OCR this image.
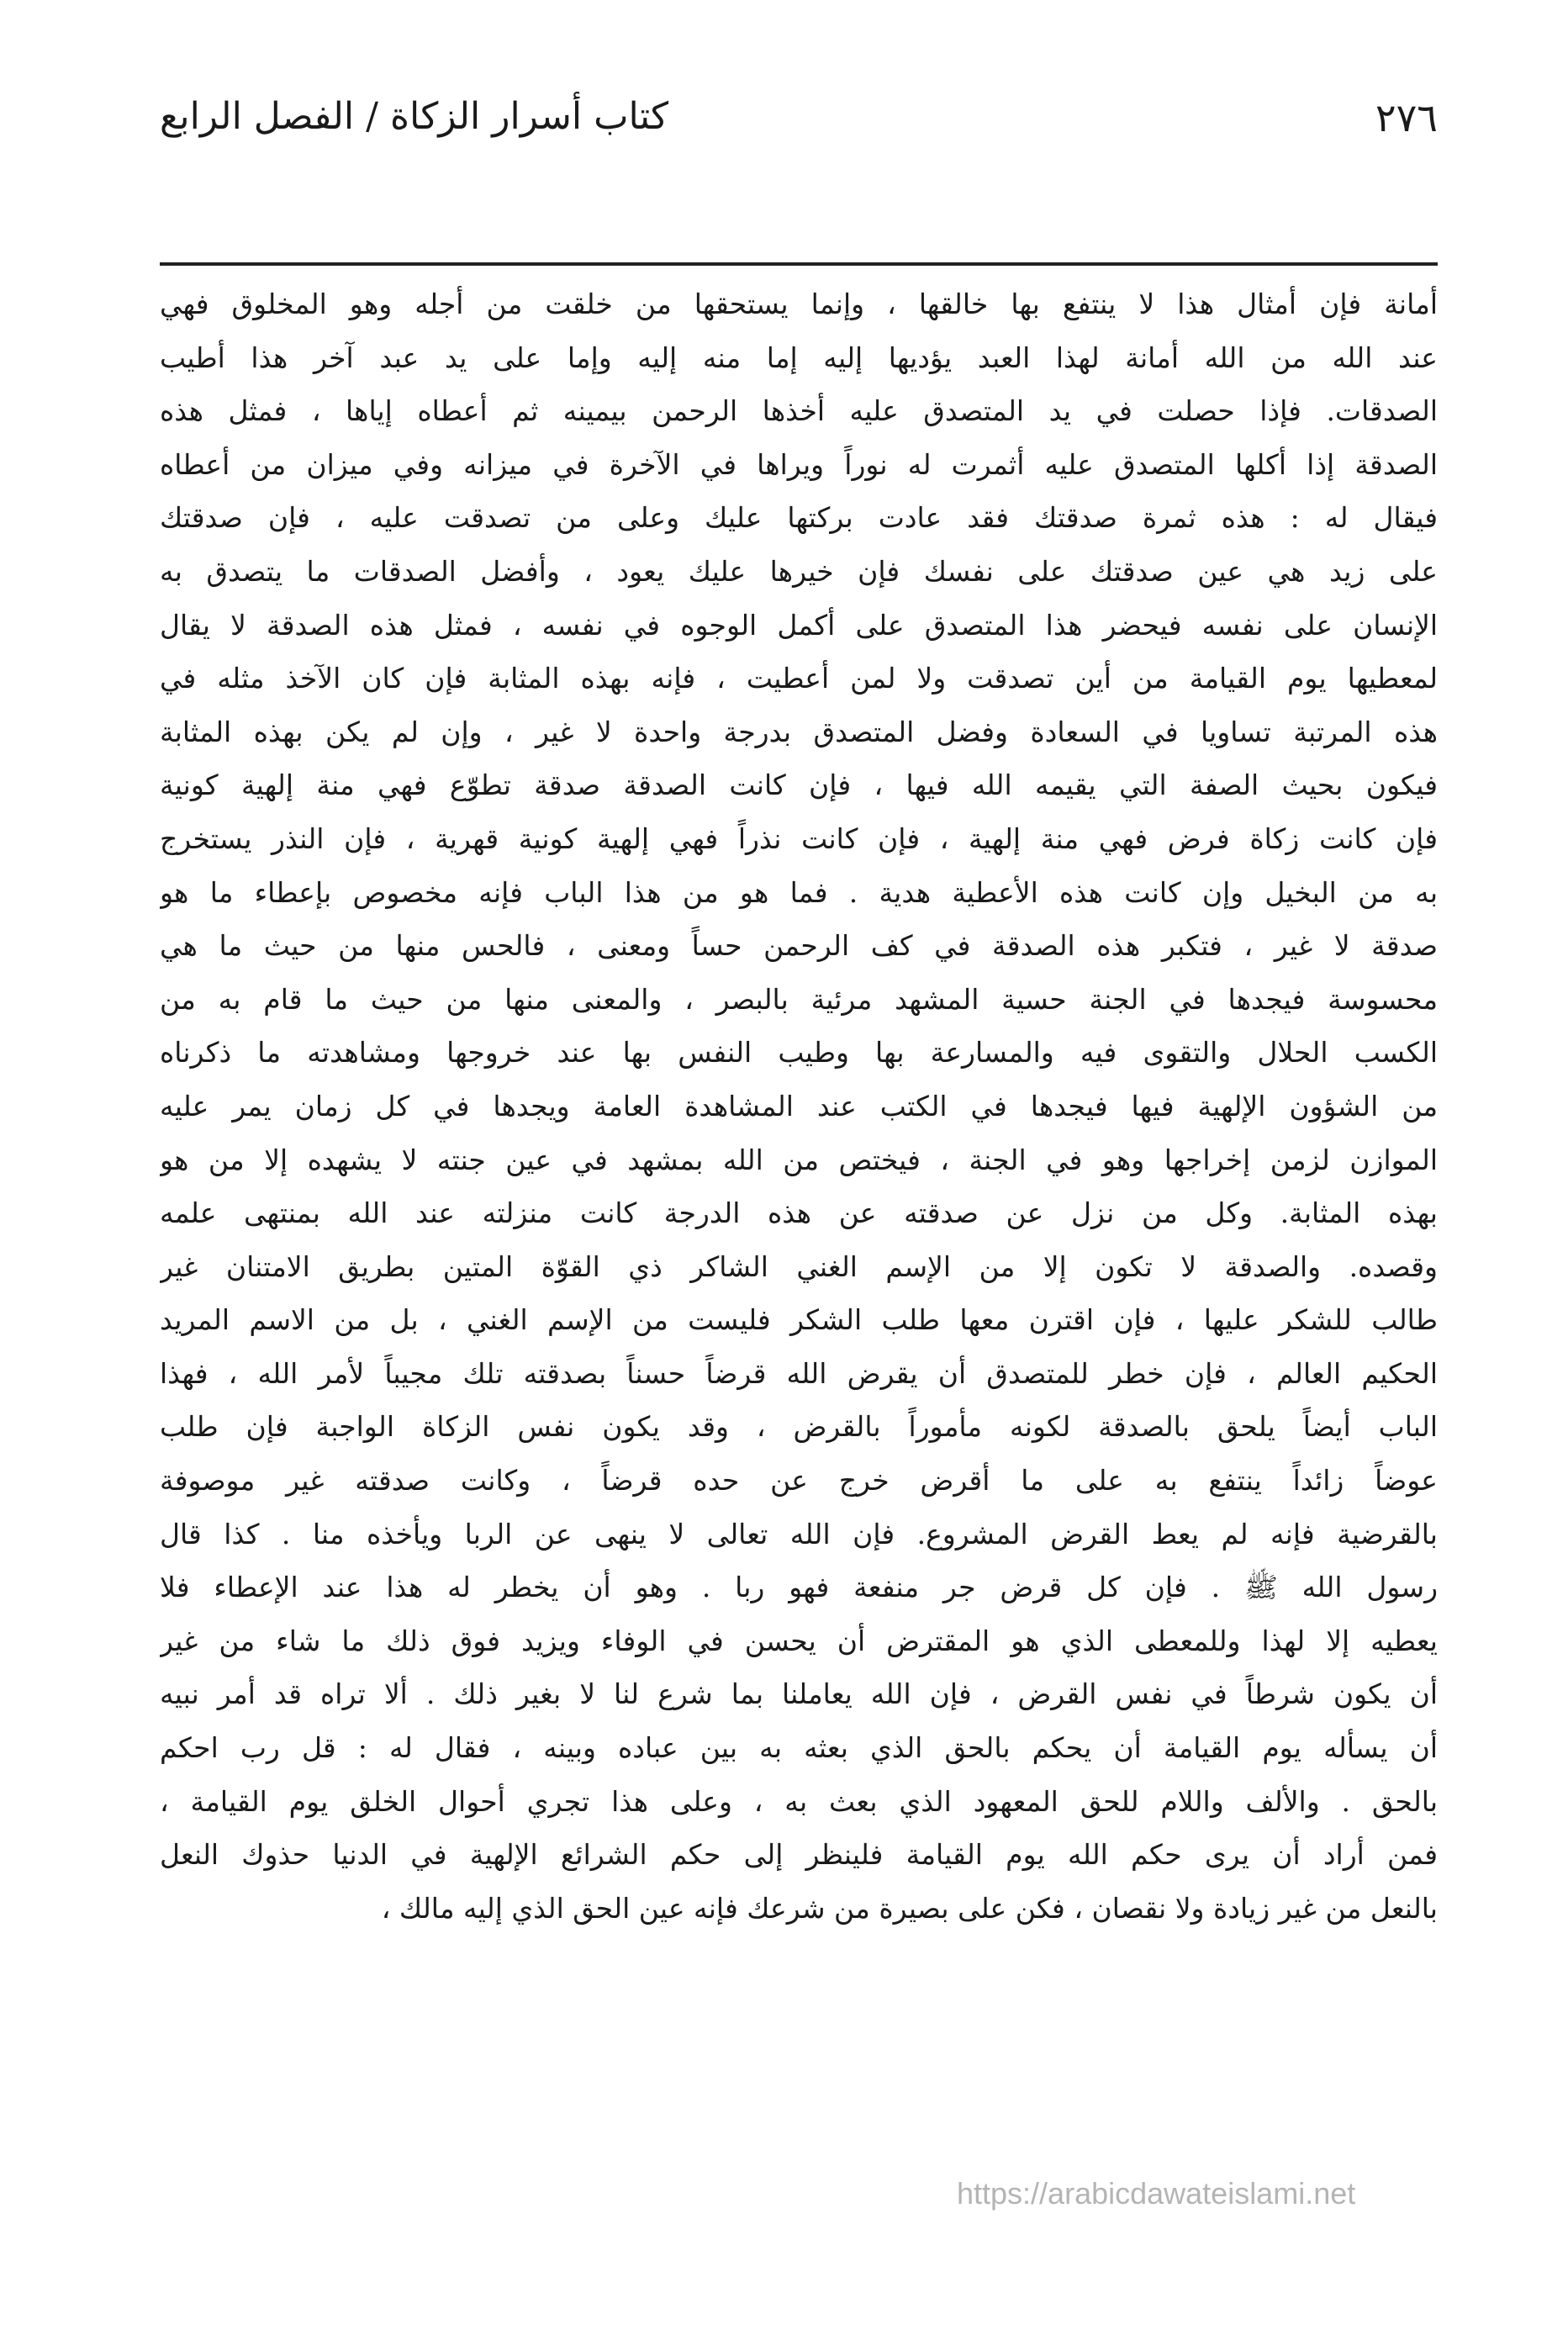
٢٧٦
كتاب أسرار الزكاة / الفصل الرابع
أمانة فإن أمثال هذا لا ينتفع بها خالقها ، وإنما يستحقها من خلقت من أجله وهو المخلوق فهي
عند الله من الله أمانة لهذا العبد يؤديها إليه إما منه إليه وإما على يد عبد آخر هذا أطيب
الصدقات. فإذا حصلت في يد المتصدق عليه أخذها الرحمن بيمينه ثم أعطاه إياها ، فمثل هذه
الصدقة إذا أكلها المتصدق عليه أثمرت له نوراً ويراها في الآخرة في ميزانه وفي ميزان من أعطاه
فيقال له : هذه ثمرة صدقتك فقد عادت بركتها عليك وعلى من تصدقت عليه ، فإن صدقتك
على زيد هي عين صدقتك على نفسك فإن خيرها عليك يعود ، وأفضل الصدقات ما يتصدق به
الإنسان على نفسه فيحضر هذا المتصدق على أكمل الوجوه في نفسه ، فمثل هذه الصدقة لا يقال
لمعطيها يوم القيامة من أين تصدقت ولا لمن أعطيت ، فإنه بهذه المثابة فإن كان الآخذ مثله في
هذه المرتبة تساويا في السعادة وفضل المتصدق بدرجة واحدة لا غير ، وإن لم يكن بهذه المثابة
فيكون بحيث الصفة التي يقيمه الله فيها ، فإن كانت الصدقة صدقة تطوّع فهي منة إلهية كونية
فإن كانت زكاة فرض فهي منة إلهية ، فإن كانت نذراً فهي إلهية كونية قهرية ، فإن النذر يستخرج
به من البخيل وإن كانت هذه الأعطية هدية . فما هو من هذا الباب فإنه مخصوص بإعطاء ما هو
صدقة لا غير ، فتكبر هذه الصدقة في كف الرحمن حساً ومعنى ، فالحس منها من حيث ما هي
محسوسة فيجدها في الجنة حسية المشهد مرئية بالبصر ، والمعنى منها من حيث ما قام به من
الكسب الحلال والتقوى فيه والمسارعة بها وطيب النفس بها عند خروجها ومشاهدته ما ذكرناه
من الشؤون الإلهية فيها فيجدها في الكتب عند المشاهدة العامة ويجدها في كل زمان يمر عليه
الموازن لزمن إخراجها وهو في الجنة ، فيختص من الله بمشهد في عين جنته لا يشهده إلا من هو
بهذه المثابة. وكل من نزل عن صدقته عن هذه الدرجة كانت منزلته عند الله بمنتهى علمه
وقصده. والصدقة لا تكون إلا من الإسم الغني الشاكر ذي القوّة المتين بطريق الامتنان غير
طالب للشكر عليها ، فإن اقترن معها طلب الشكر فليست من الإسم الغني ، بل من الاسم المريد
الحكيم العالم ، فإن خطر للمتصدق أن يقرض الله قرضاً حسناً بصدقته تلك مجيباً لأمر الله ، فهذا
الباب أيضاً يلحق بالصدقة لكونه مأموراً بالقرض ، وقد يكون نفس الزكاة الواجبة فإن طلب
عوضاً زائداً ينتفع به على ما أقرض خرج عن حده قرضاً ، وكانت صدقته غير موصوفة
بالقرضية فإنه لم يعط القرض المشروع. فإن الله تعالى لا ينهى عن الربا ويأخذه منا . كذا قال
رسول الله ﷺ . فإن كل قرض جر منفعة فهو ربا . وهو أن يخطر له هذا عند الإعطاء فلا
يعطيه إلا لهذا وللمعطى الذي هو المقترض أن يحسن في الوفاء ويزيد فوق ذلك ما شاء من غير
أن يكون شرطاً في نفس القرض ، فإن الله يعاملنا بما شرع لنا لا بغير ذلك . ألا تراه قد أمر نبيه
أن يسأله يوم القيامة أن يحكم بالحق الذي بعثه به بين عباده وبينه ، فقال له : قل رب احكم
بالحق . والألف واللام للحق المعهود الذي بعث به ، وعلى هذا تجري أحوال الخلق يوم القيامة ،
فمن أراد أن يرى حكم الله يوم القيامة فلينظر إلى حكم الشرائع الإلهية في الدنيا حذوك النعل
بالنعل من غير زيادة ولا نقصان ، فكن على بصيرة من شرعك فإنه عين الحق الذي إليه مالك ،
https://arabicdawateislami.net
